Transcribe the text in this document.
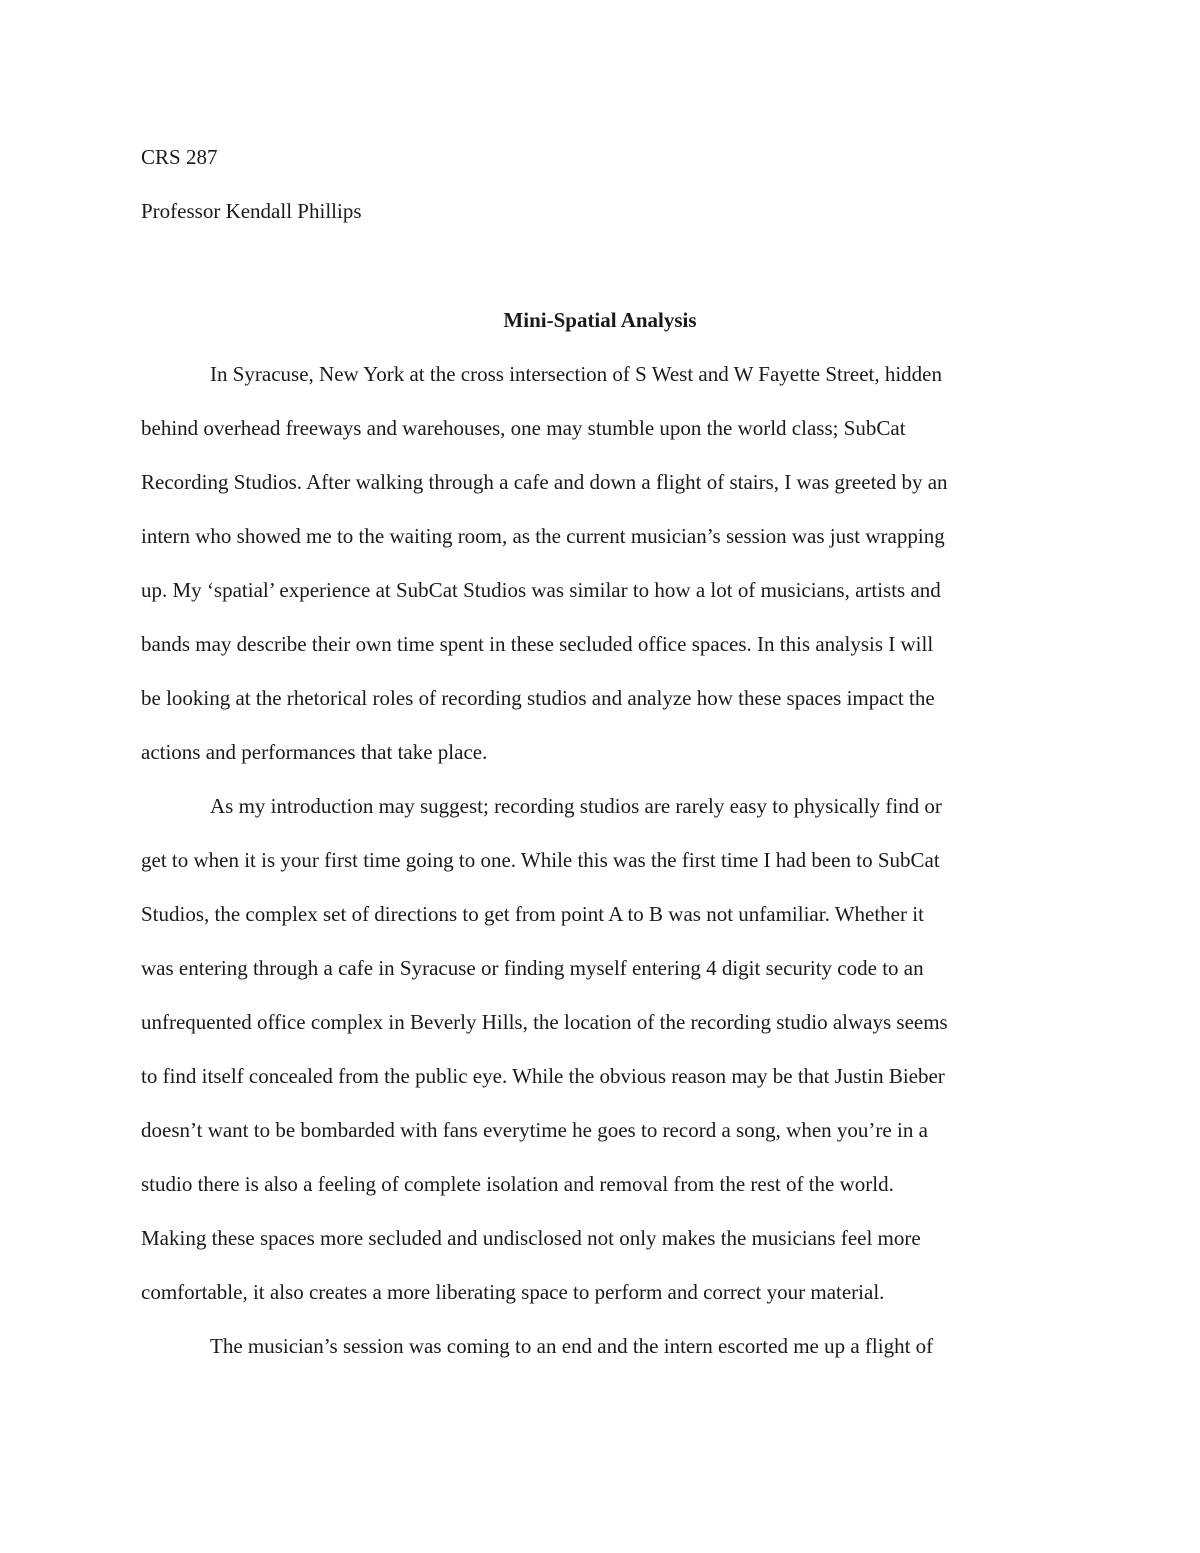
CRS 287
Professor Kendall Phillips
Mini-Spatial Analysis
In Syracuse, New York at the cross intersection of S West and W Fayette Street, hidden
behind overhead freeways and warehouses, one may stumble upon the world class; SubCat
Recording Studios. After walking through a cafe and down a flight of stairs, I was greeted by an
intern who showed me to the waiting room, as the current musician’s session was just wrapping
up. My ‘spatial’ experience at SubCat Studios was similar to how a lot of musicians, artists and
bands may describe their own time spent in these secluded office spaces. In this analysis I will
be looking at the rhetorical roles of recording studios and analyze how these spaces impact the
actions and performances that take place.
As my introduction may suggest; recording studios are rarely easy to physically find or
get to when it is your first time going to one. While this was the first time I had been to SubCat
Studios, the complex set of directions to get from point A to B was not unfamiliar. Whether it
was entering through a cafe in Syracuse or finding myself entering 4 digit security code to an
unfrequented office complex in Beverly Hills, the location of the recording studio always seems
to find itself concealed from the public eye. While the obvious reason may be that Justin Bieber
doesn’t want to be bombarded with fans everytime he goes to record a song, when you’re in a
studio there is also a feeling of complete isolation and removal from the rest of the world.
Making these spaces more secluded and undisclosed not only makes the musicians feel more
comfortable, it also creates a more liberating space to perform and correct your material.
The musician’s session was coming to an end and the intern escorted me up a flight of
